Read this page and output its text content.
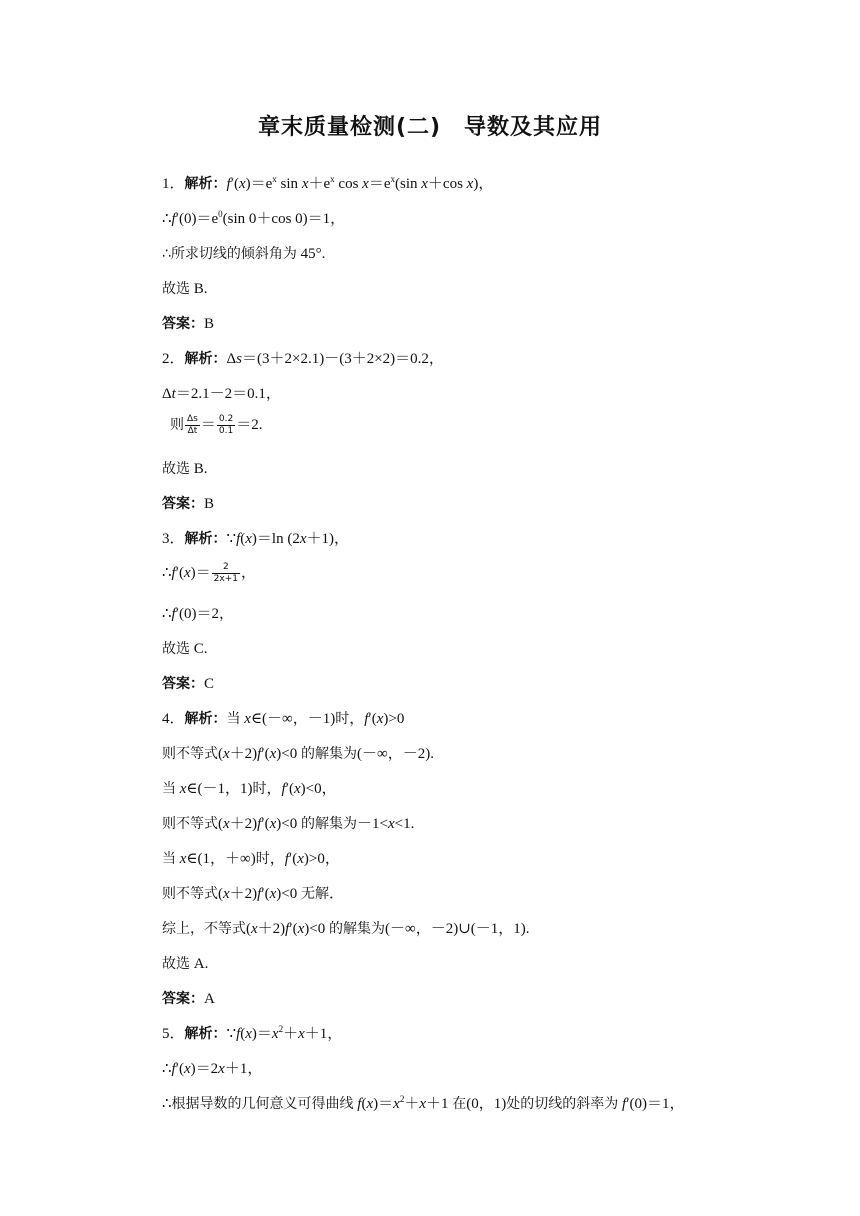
章末质量检测(二)　导数及其应用
1．解析：$f'(x)=e^x$ $\sin x+e^x$ $\cos x=e^x(\sin$ x＋cos x)，
$\therefore f'(0)=e^0(\sin$ 0＋cos 0)＝1，
∴所求切线的倾斜角为 45°.
故选 B.
答案：B
2．解析：Δs＝(3＋2×2.1)－(3＋2×2)＝0.2，
Δt＝2.1－2＝0.1，
则 $\frac{\Delta s}{\Delta t} = \frac{0.2}{0.1} =2$.
故选 B.
答案：B
3．解析：∵f(x)＝ln (2x＋1)，
∴f′(x)＝ $\frac{2}{2x+1}$ ，
∴f′(0)＝2，
故选 C.
答案：C
4．解析：当 x∈(－∞，－1)时，f′(x)>0
则不等式(x＋2)f′(x)<0 的解集为(－∞，－2).
当 x∈(－1，1)时，f′(x)<0，
则不等式(x＋2)f′(x)<0 的解集为－1<x<1.
当 x∈(1，＋∞)时，f′(x)>0，
则不等式(x＋2)f′(x)<0 无解．
综上，不等式(x＋2)f′(x)<0 的解集为(－∞，－2)∪(－1，1).
故选 A.
答案：A
5．解析：$\because f(x)=x^2+x+1$，
∴f′(x)＝2x＋1，
∴根据导数的几何意义可得曲线 $f(x)=x^2+x+1$ 在(0，1)处的切线的斜率为 f′(0)＝1，
